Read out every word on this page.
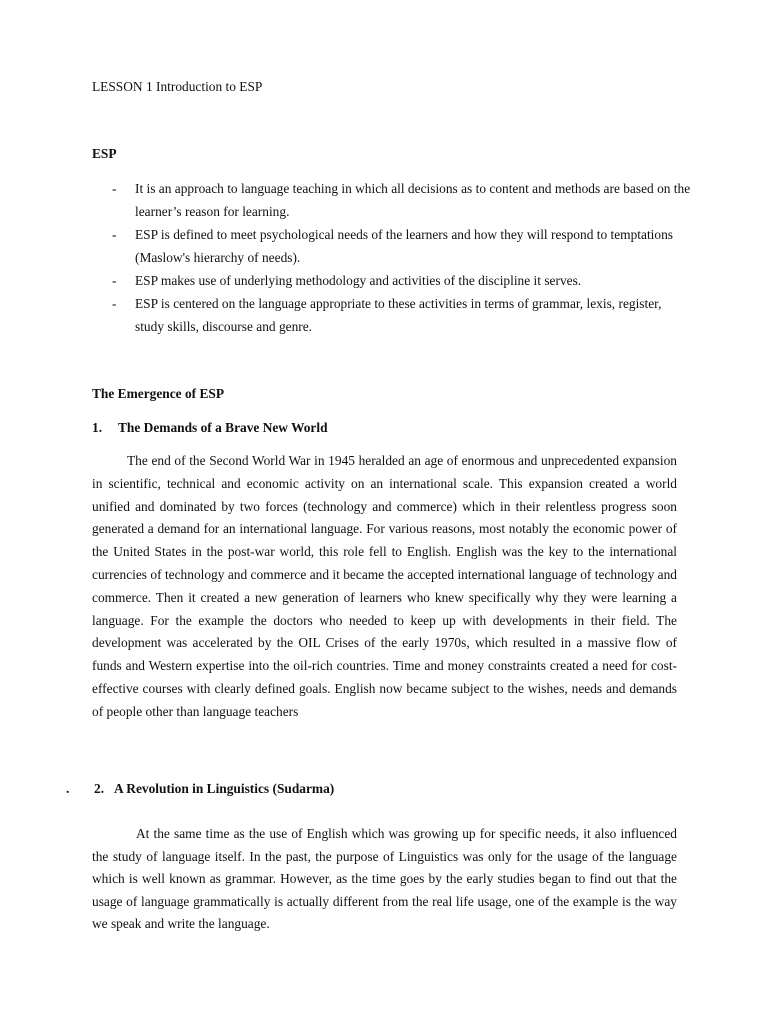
LESSON 1 Introduction to ESP
ESP
- It is an approach to language teaching in which all decisions as to content and methods are based on the learner’s reason for learning.
- ESP is defined to meet psychological needs of the learners and how they will respond to temptations (Maslow's hierarchy of needs).
- ESP makes use of underlying methodology and activities of the discipline it serves.
- ESP is centered on the language appropriate to these activities in terms of grammar, lexis, register, study skills, discourse and genre.
The Emergence of ESP
1. The Demands of a Brave New World

The end of the Second World War in 1945 heralded an age of enormous and unprecedented expansion in scientific, technical and economic activity on an international scale. This expansion created a world unified and dominated by two forces (technology and commerce) which in their relentless progress soon generated a demand for an international language. For various reasons, most notably the economic power of the United States in the post-war world, this role fell to English. English was the key to the international currencies of technology and commerce and it became the accepted international language of technology and commerce. Then it created a new generation of learners who knew specifically why they were learning a language. For the example the doctors who needed to keep up with developments in their field. The development was accelerated by the OIL Crises of the early 1970s, which resulted in a massive flow of funds and Western expertise into the oil-rich countries. Time and money constraints created a need for cost-effective courses with clearly defined goals. English now became subject to the wishes, needs and demands of people other than language teachers

. 2. A Revolution in Linguistics (Sudarma)

At the same time as the use of English which was growing up for specific needs, it also influenced the study of language itself. In the past, the purpose of Linguistics was only for the usage of the language which is well known as grammar. However, as the time goes by the early studies began to find out that the usage of language grammatically is actually different from the real life usage, one of the example is the way we speak and write the language.
